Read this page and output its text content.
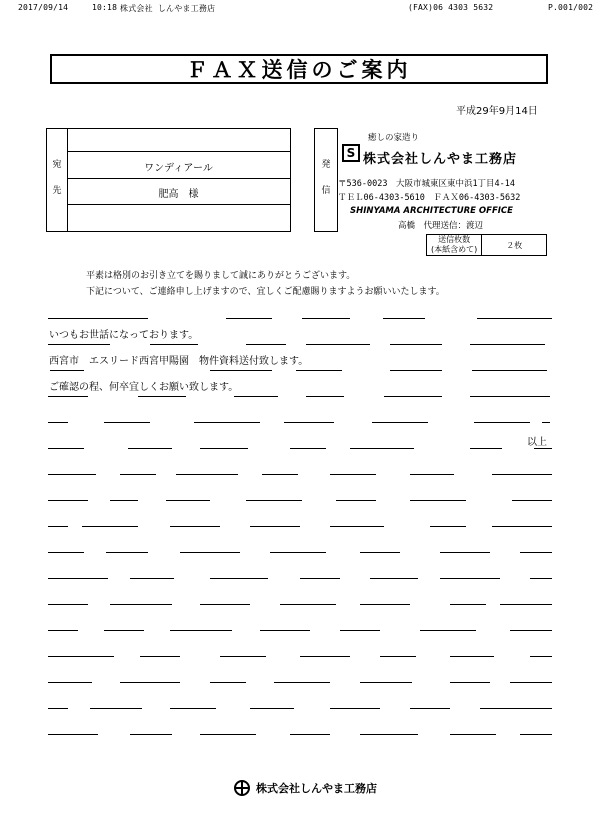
2017/09/14	10:18 株式会社 しんやま工務店	(FAX)06 4303 5632	P.001/002
ＦＡＸ送信のご案内
平成29年9月14日
宛
先
ワンディアール
肥高　様
発
信
癒しの家造り
S 株式会社しんやま工務店
〒536-0023　大阪市城東区東中浜1丁目4-14
ＴＥＬ06-4303-5610　ＦＡＸ06-4303-5632
SHINYAMA ARCHITECTURE OFFICE
高橋　代理送信：渡辺
送信枚数
(本紙含めて)	２枚
平素は格別のお引き立てを賜りまして誠にありがとうございます。
下記について、ご連絡申し上げますので、宜しくご配慮賜りますようお願いいたします。
いつもお世話になっております。
西宮市　エスリード西宮甲陽園　物件資料送付致します。
ご確認の程、何卒宜しくお願い致します。
以上
株式会社しんやま工務店
